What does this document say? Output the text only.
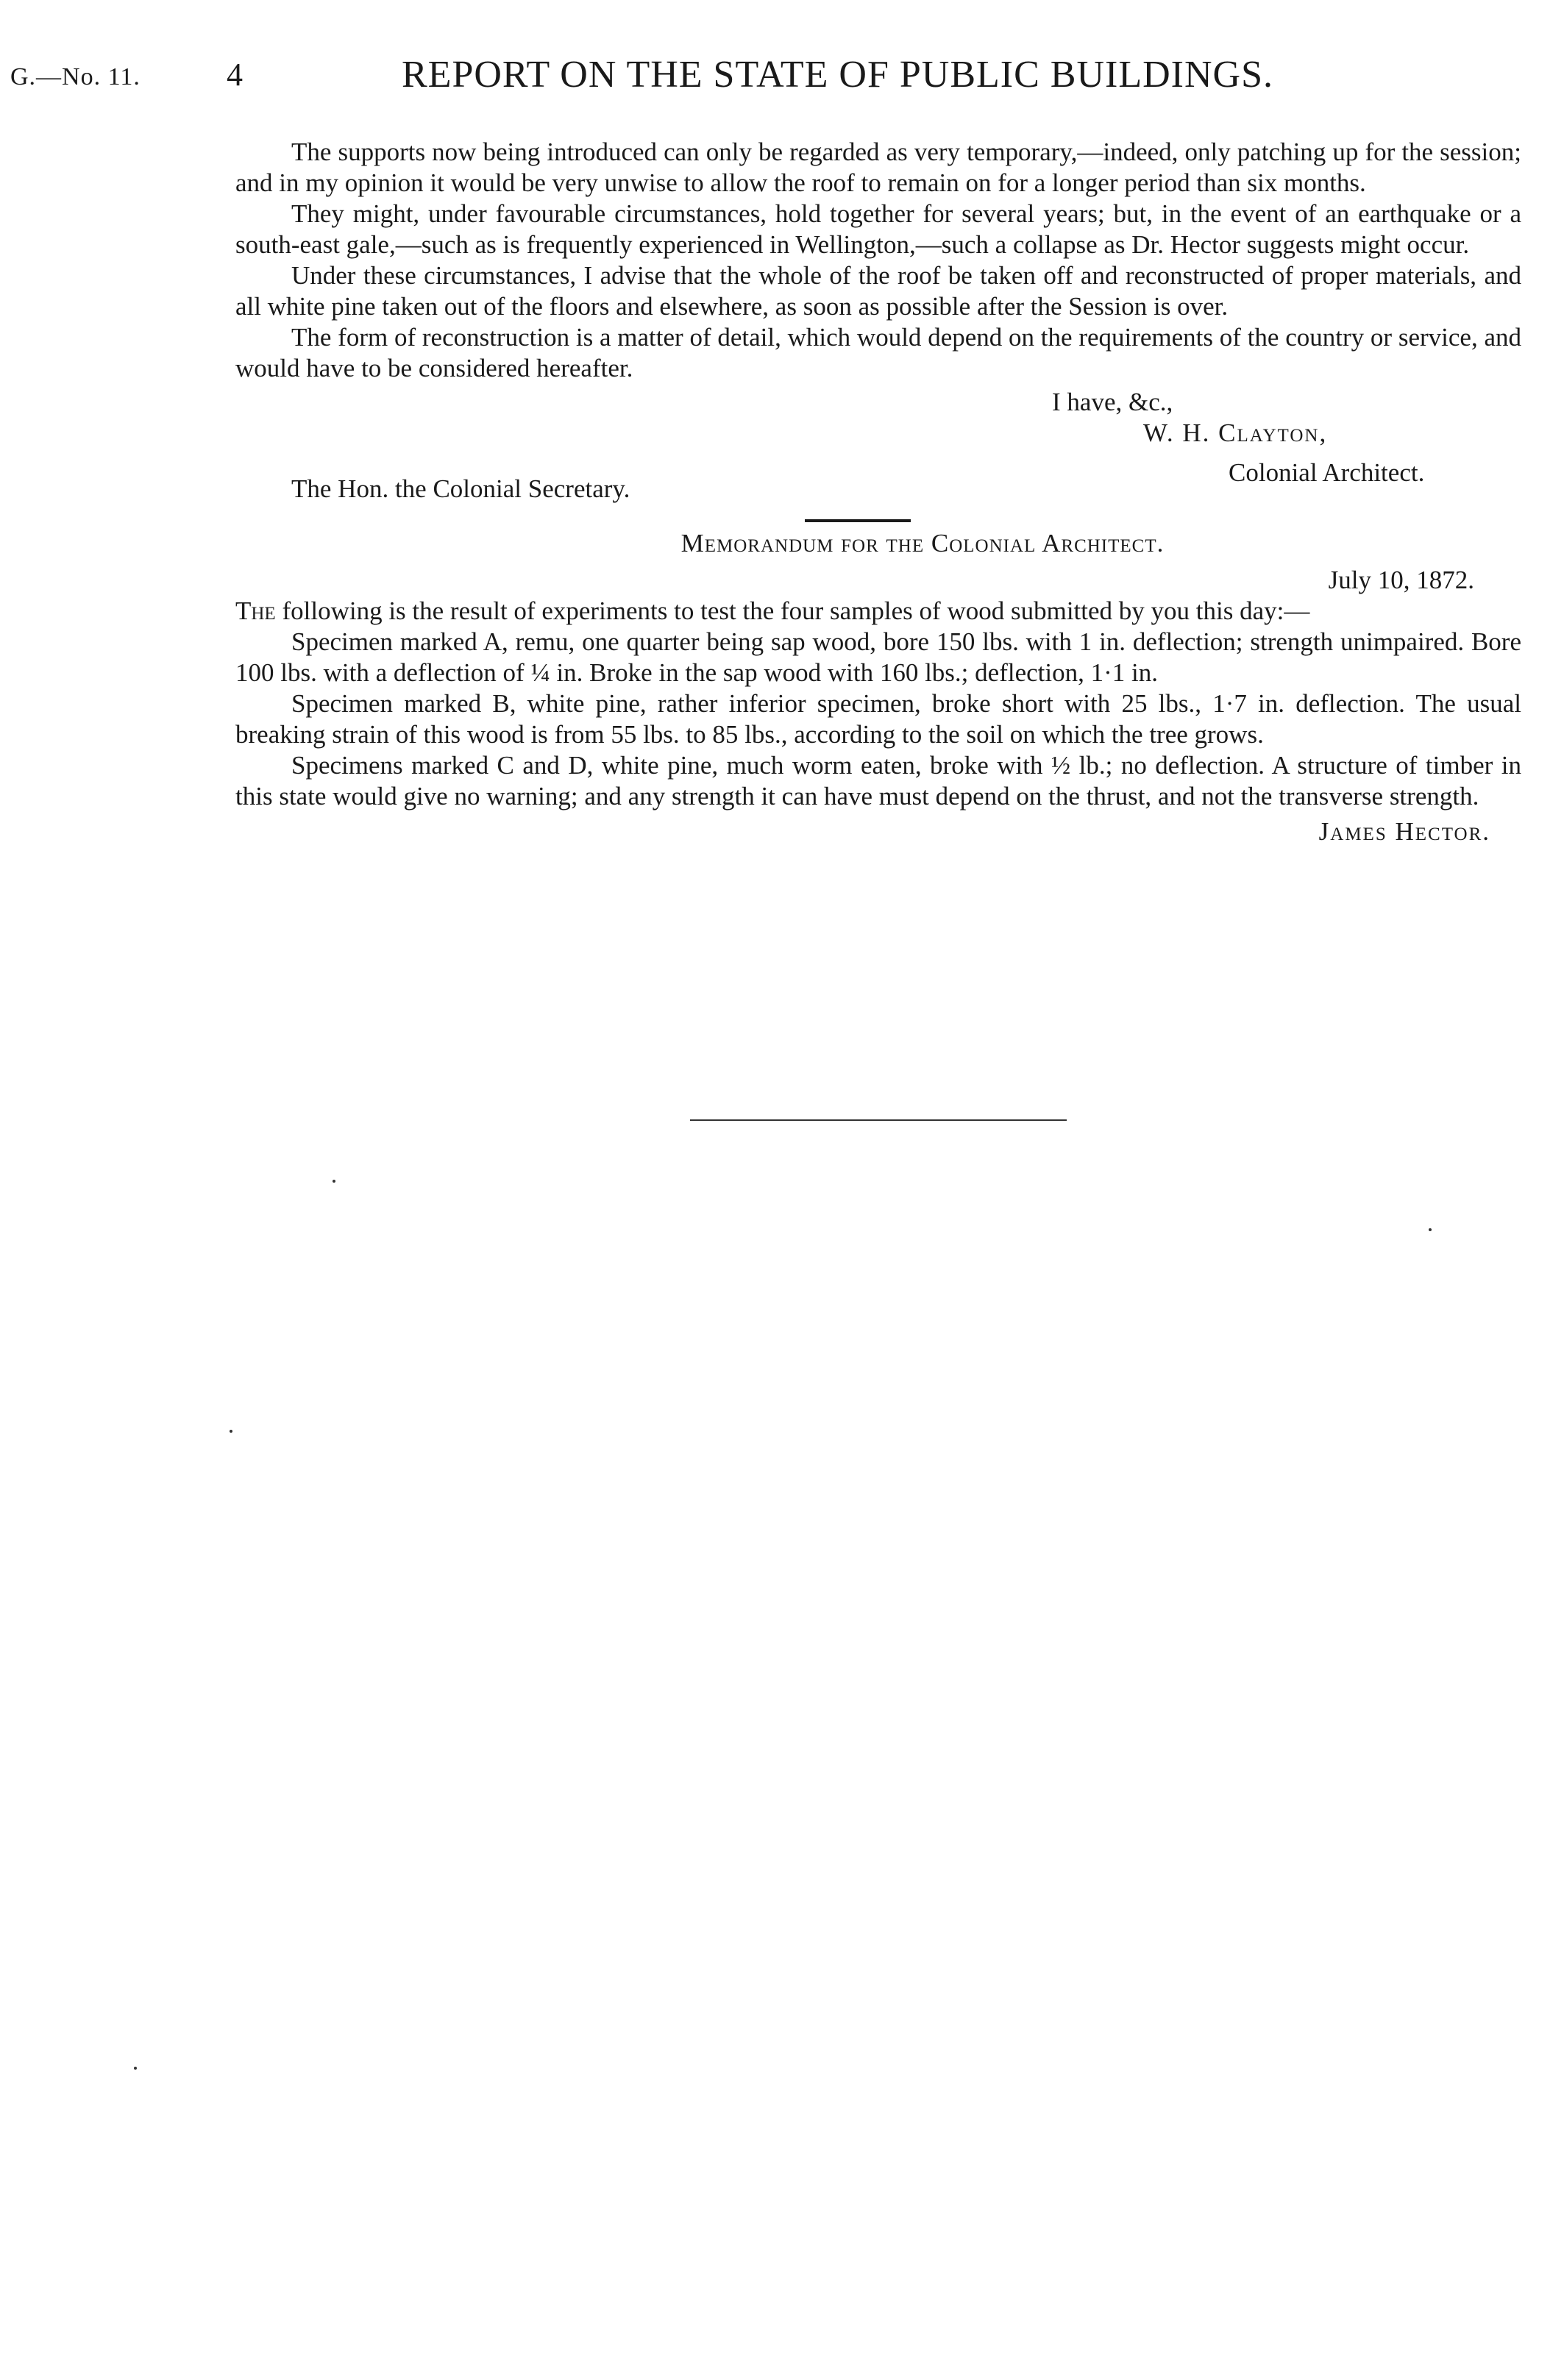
G.—No. 11.	4	REPORT ON THE STATE OF PUBLIC BUILDINGS.

The supports now being introduced can only be regarded as very temporary,—indeed, only patching up for the session; and in my opinion it would be very unwise to allow the roof to remain on for a longer period than six months.

They might, under favourable circumstances, hold together for several years; but, in the event of an earthquake or a south-east gale,—such as is frequently experienced in Wellington,—such a collapse as Dr. Hector suggests might occur.

Under these circumstances, I advise that the whole of the roof be taken off and reconstructed of proper materials, and all white pine taken out of the floors and elsewhere, as soon as possible after the Session is over.

The form of reconstruction is a matter of detail, which would depend on the requirements of the country or service, and would have to be considered hereafter.

I have, &c.,
W. H. Clayton,
Colonial Architect.
The Hon. the Colonial Secretary.
Memorandum for the Colonial Architect.
July 10, 1872.

The following is the result of experiments to test the four samples of wood submitted by you this day:—

Specimen marked A, remu, one quarter being sap wood, bore 150 lbs. with 1 in. deflection; strength unimpaired. Bore 100 lbs. with a deflection of ¼ in. Broke in the sap wood with 160 lbs.; deflection, 1·1 in.

Specimen marked B, white pine, rather inferior specimen, broke short with 25 lbs., 1·7 in. deflection. The usual breaking strain of this wood is from 55 lbs. to 85 lbs., according to the soil on which the tree grows.

Specimens marked C and D, white pine, much worm eaten, broke with ½ lb.; no deflection. A structure of timber in this state would give no warning; and any strength it can have must depend on the thrust, and not the transverse strength.

James Hector.
